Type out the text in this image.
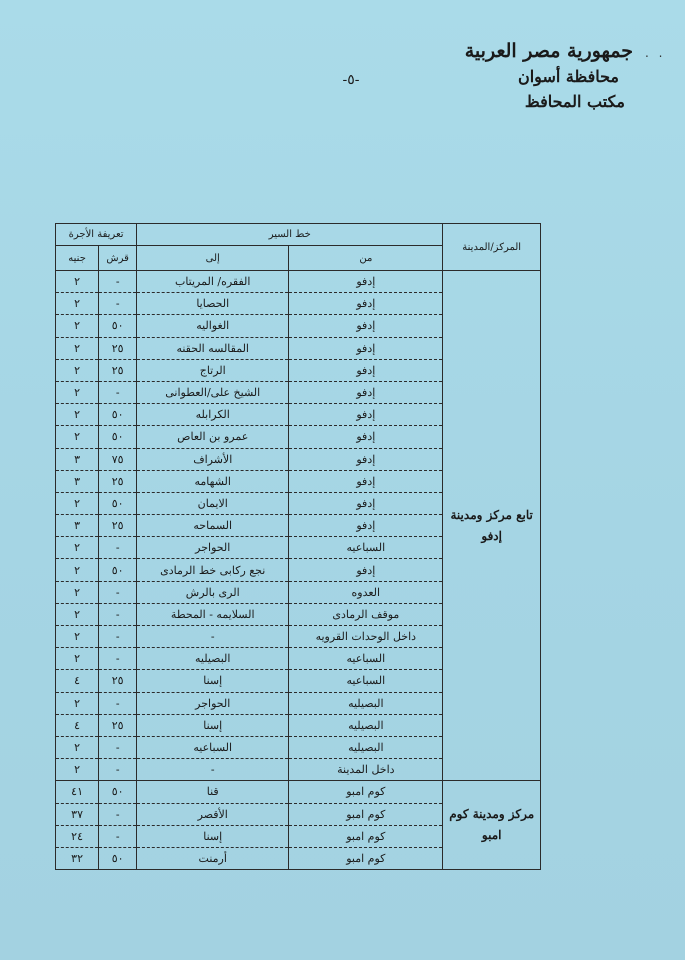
. .
جمهورية مصر العربية
محافظة أسوان
مكتب المحافظ
-٥-
المركز/المدينة	خط السير		تعريفة الأجرة	
	من	إلى	قرش	جنيه
تابع مركز ومدينة إدفو	إدفو	الفقره/ المريتاب	-	٢
	إدفو	الحصايا	-	٢
	إدفو	الغواليه	٥٠	٢
	إدفو	المقالسه الحقنه	٢٥	٢
	إدفو	الرتاج	٢٥	٢
	إدفو	الشيخ على/العطوانى	-	٢
	إدفو	الكرابله	٥٠	٢
	إدفو	عمرو بن العاص	٥٠	٢
	إدفو	الأشراف	٧٥	٣
	إدفو	الشهامه	٢٥	٣
	إدفو	الايمان	٥٠	٢
	إدفو	السماحه	٢٥	٣
	السباعيه	الحواجر	-	٢
	إدفو	نجع ركابى خط الرمادى	٥٠	٢
	العدوه	الرى بالرش	-	٢
	موقف الرمادى	السلايمه - المحطة	-	٢
	داخل الوحدات القرويه	-	-	٢
	السباعيه	البصيليه	-	٢
	السباعيه	إسنا	٢٥	٤
	البصيليه	الحواجر	-	٢
	البصيليه	إسنا	٢٥	٤
	البصيليه	السباعيه	-	٢
	داخل المدينة	-	-	٢
مركز ومدينة كوم امبو	كوم امبو	قنا	٥٠	٤١
	كوم امبو	الأقصر	-	٣٧
	كوم امبو	إسنا	-	٢٤
	كوم امبو	أرمنت	٥٠	٣٢
